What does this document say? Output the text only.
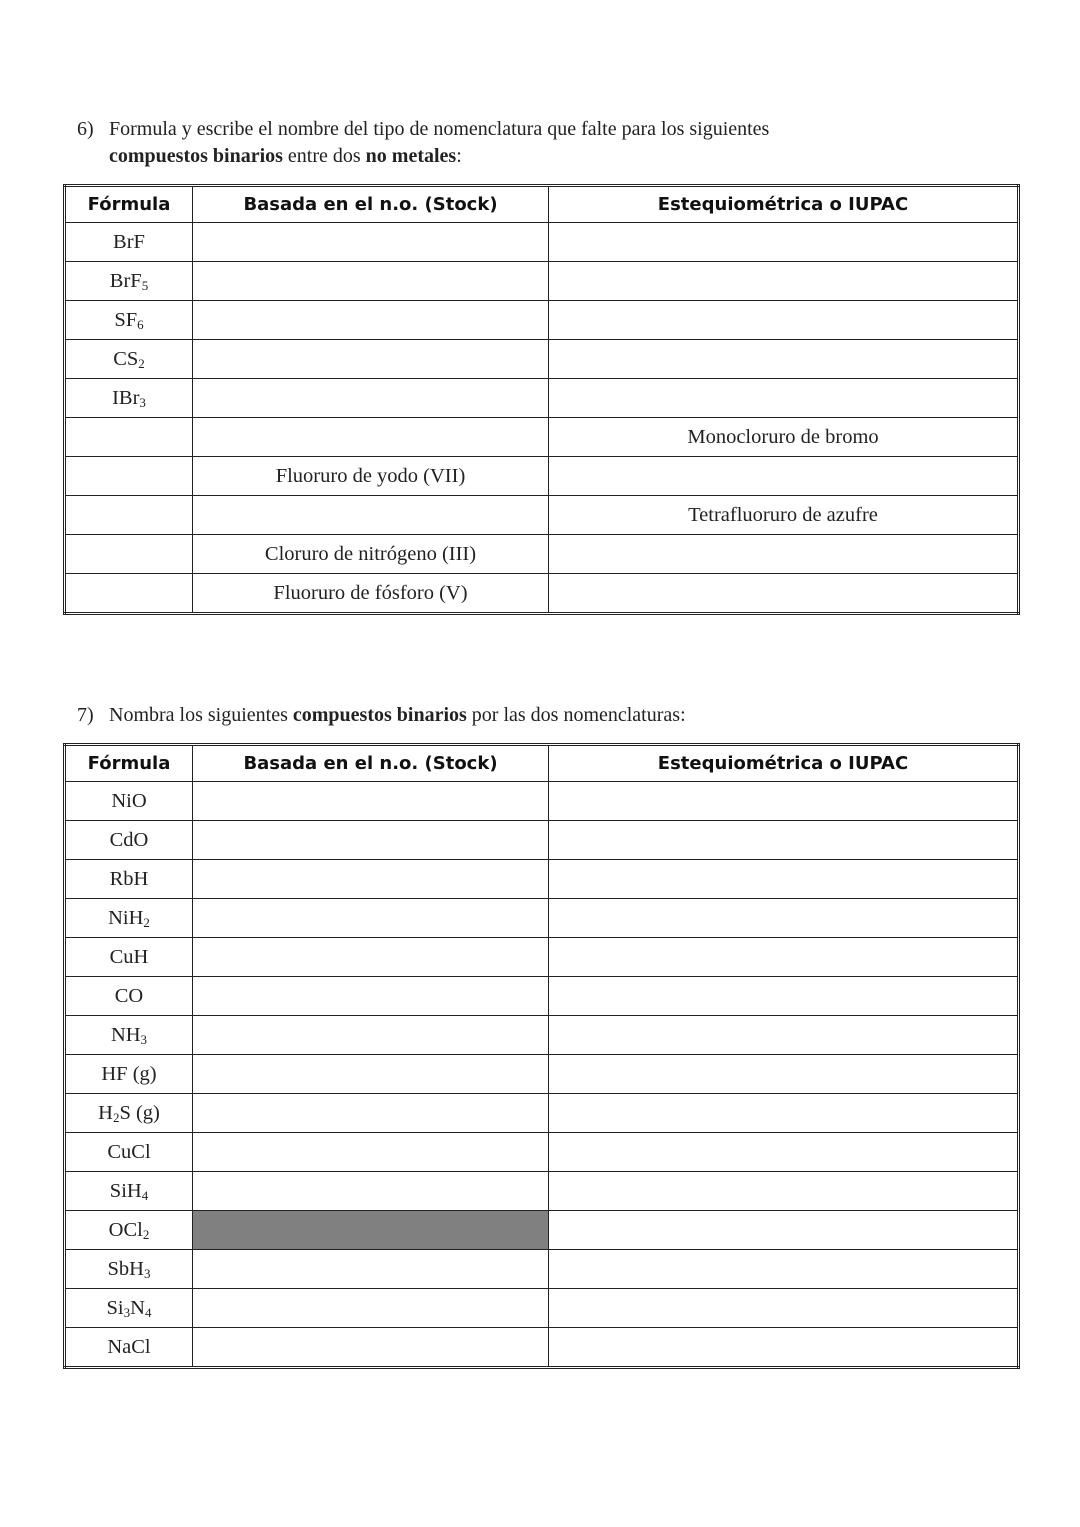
6) Formula y escribe el nombre del tipo de nomenclatura que falte para los siguientes
compuestos binarios entre dos no metales:
Fórmula	Basada en el n.o. (Stock)	Estequiométrica o IUPAC
BrF		
BrF$_5$		
$SF_6$		
$CS_2$		
IBr$_3$		
		Monocloruro de bromo
	Fluoruro de yodo (VII)	
		Tetrafluoruro de azufre
	Cloruro de nitrógeno (III)	
	Fluoruro de fósforo (V)	
7) Nombra los siguientes compuestos binarios por las dos nomenclaturas:
Fórmula	Basada en el n.o. (Stock)	Estequiométrica o IUPAC
NiO		
CdO		
RbH		
NiH$_2$		
CuH		
CO		
$NH_3$		
HF (g)		
$H_2S$ (g)		
CuCl		
SiH$_4$		
OCl$_2$		
SbH$_3$		
$Si_3N_4$		
NaCl		
